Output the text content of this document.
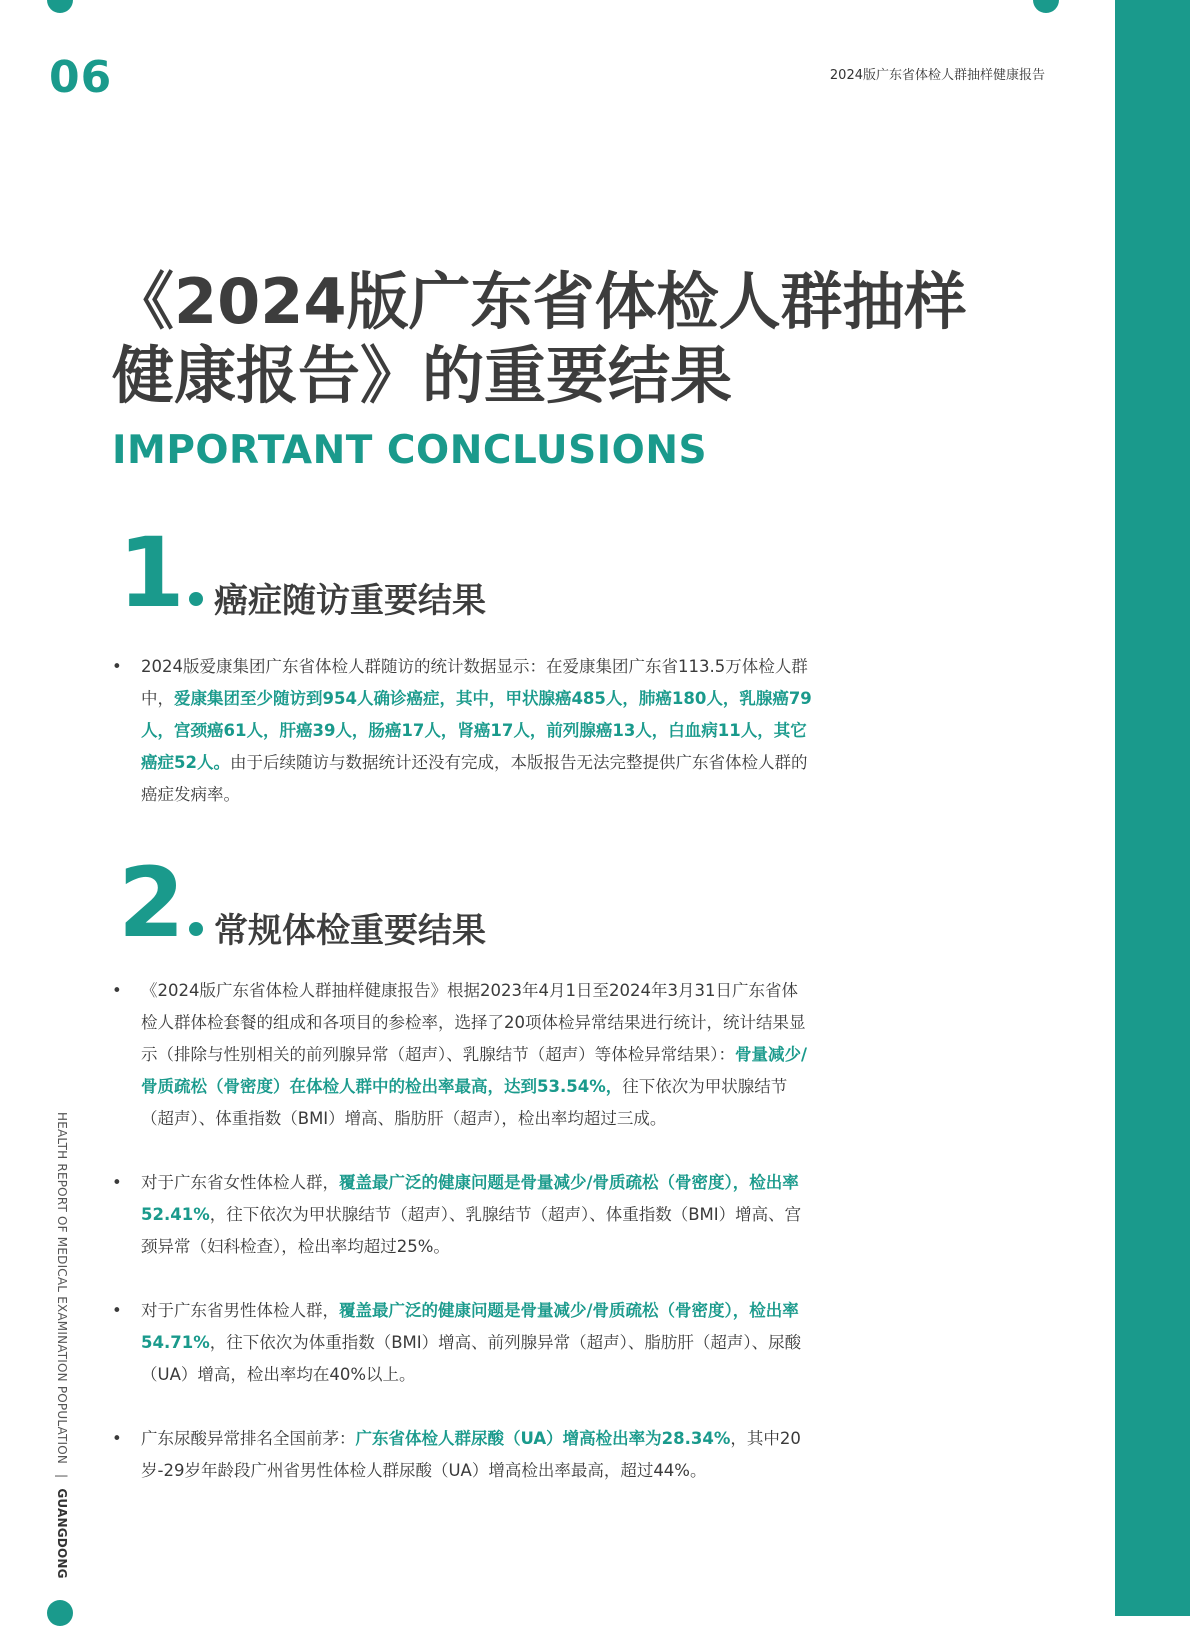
06	2024版广东省体检人群抽样健康报告
《2024版广东省体检人群抽样
健康报告》的重要结果
IMPORTANT CONCLUSIONS
1 癌症随访重要结果
• 2024版爱康集团广东省体检人群随访的统计数据显示：在爱康集团广东省113.5万体检人群中，爱康集团至少随访到954人确诊癌症，其中，甲状腺癌485人，肺癌180人，乳腺癌79人，宫颈癌61人，肝癌39人，肠癌17人，肾癌17人，前列腺癌13人，白血病11人，其它癌症52人。由于后续随访与数据统计还没有完成，本版报告无法完整提供广东省体检人群的癌症发病率。
2 常规体检重要结果
• 《2024版广东省体检人群抽样健康报告》根据2023年4月1日至2024年3月31日广东省体检人群体检套餐的组成和各项目的参检率，选择了20项体检异常结果进行统计，统计结果显示（排除与性别相关的前列腺异常（超声）、乳腺结节（超声）等体检异常结果）：骨量减少/骨质疏松（骨密度）在体检人群中的检出率最高，达到53.54%，往下依次为甲状腺结节（超声）、体重指数（BMI）增高、脂肪肝（超声），检出率均超过三成。
• 对于广东省女性体检人群，覆盖最广泛的健康问题是骨量减少/骨质疏松（骨密度），检出率52.41%，往下依次为甲状腺结节（超声）、乳腺结节（超声）、体重指数（BMI）增高、宫颈异常（妇科检查），检出率均超过25%。
• 对于广东省男性体检人群，覆盖最广泛的健康问题是骨量减少/骨质疏松（骨密度），检出率54.71%，往下依次为体重指数（BMI）增高、前列腺异常（超声）、脂肪肝（超声）、尿酸（UA）增高，检出率均在40%以上。
• 广东尿酸异常排名全国前茅：广东省体检人群尿酸（UA）增高检出率为28.34%，其中20岁-29岁年龄段广州省男性体检人群尿酸（UA）增高检出率最高，超过44%。
HEALTH REPORT OF MEDICAL EXAMINATION POPULATION | GUANGDONG
